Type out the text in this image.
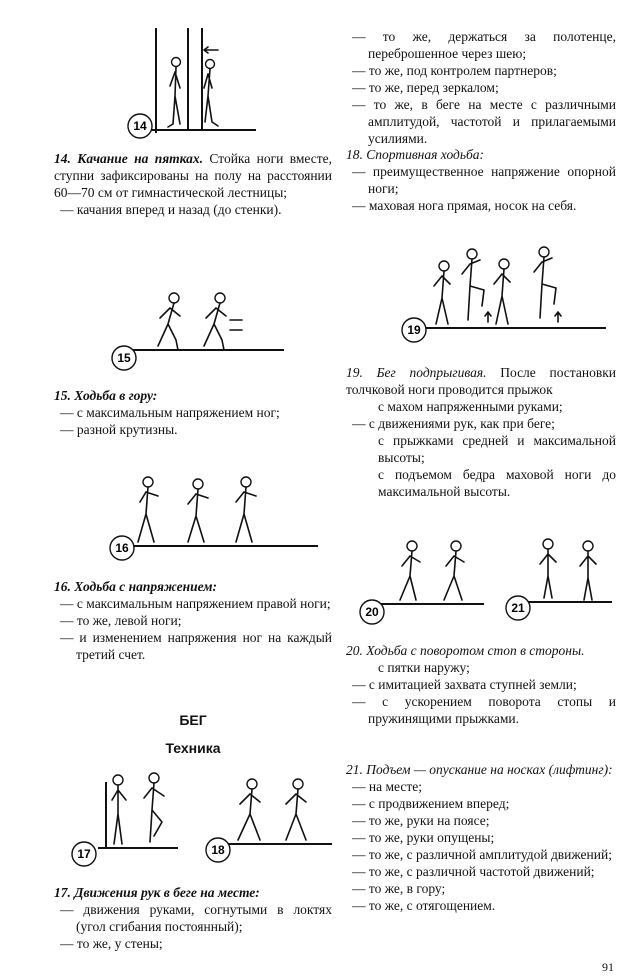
14

14. Качание на пятках. Стойка ноги вместе, ступни зафиксированы на полу на расстоянии 60—70 см от гимнастической лестницы;

— качания вперед и назад (до стенки).

15

15. Ходьба в гору:

— с максимальным напряжением ног;

— разной крутизны.

16

16. Ходьба с напряжением:

— с максимальным напряжением правой ноги;

— то же, левой ноги;

— и изменением напряжения ног на каждый третий счет.

БЕГ
Техника
17	18

17. Движения рук в беге на месте:

— движения руками, согнутыми в локтях (угол сгибания постоянный);

— то же, у стены;

— то же, держаться за полотенце, переброшенное через шею;

— то же, под контролем партнеров;

— то же, перед зеркалом;

— то же, в беге на месте с различными амплитудой, частотой и прилагаемыми усилиями.

18. Спортивная ходьба:

— преимущественное напряжение опорной ноги;

— маховая нога прямая, носок на себя.

19

19. Бег подпрыгивая. После постановки толчковой ноги проводится прыжок

с махом напряженными руками;

— с движениями рук, как при беге;

с прыжками средней и максимальной высоты;

с подъемом бедра маховой ноги до максимальной высоты.

20	21

20. Ходьба с поворотом стоп в стороны.

с пятки наружу;

— с имитацией захвата ступней земли;

— с ускорением поворота стопы и пружинящими прыжками.

21. Подъем — опускание на носках (лифтинг):

— на месте;

— с продвижением вперед;

— то же, руки на поясе;

— то же, руки опущены;

— то же, с различной амплитудой движений;

— то же, с различной частотой движений;

— то же, в гору;

— то же, с отягощением.

91
